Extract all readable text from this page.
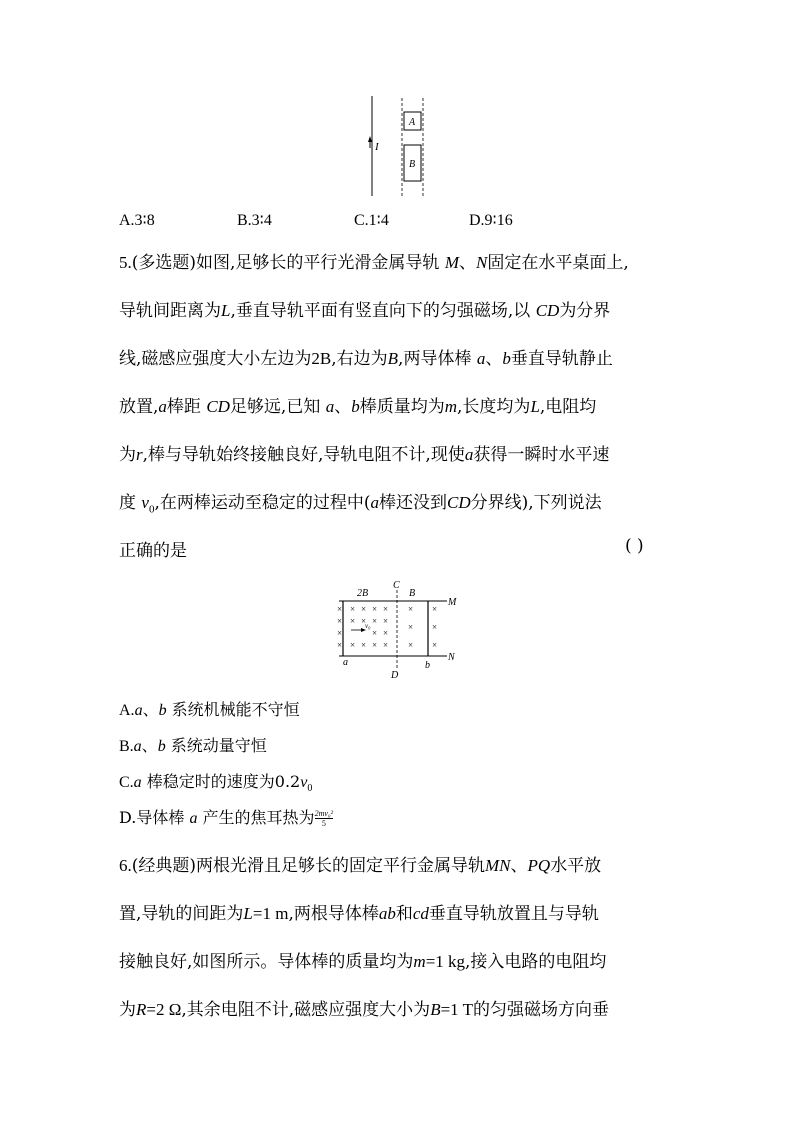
I
A
B
A.3∶8	B.3∶4	C.1∶4	D.9∶16
5.(多选题)如图,足够长的平行光滑金属导轨 M、N固定在水平桌面上,
导轨间距离为L,垂直导轨平面有竖直向下的匀强磁场,以 CD为分界
线,磁感应强度大小左边为2B,右边为B,两导体棒 a、b垂直导轨静止
放置,a棒距 CD足够远,已知 a、b棒质量均为m,长度均为L,电阻均
为r,棒与导轨始终接触良好,导轨电阻不计,现使a获得一瞬时水平速
度 $v_0$,在两棒运动至稳定的过程中(a棒还没到CD分界线),下列说法
正确的是	( )
2B
C
B
M
N
a	b
D
v₀
× × × × ×
× × × × ×
×	× ×
× × × × ×
× ×
× ×
× ×
A.a、b 系统机械能不守恒
B.a、b 系统动量守恒
C.a 棒稳定时的速度为$0.2v_0$
D.导体棒 a 产生的焦耳热为 $\frac{\text{2mv₀²}}{5}$
6.(经典题)两根光滑且足够长的固定平行金属导轨MN、PQ水平放
置,导轨的间距为L=1 m,两根导体棒ab和cd垂直导轨放置且与导轨
接触良好,如图所示。导体棒的质量均为m=1 kg,接入电路的电阻均
为R=2 Ω,其余电阻不计,磁感应强度大小为B=1 T的匀强磁场方向垂
